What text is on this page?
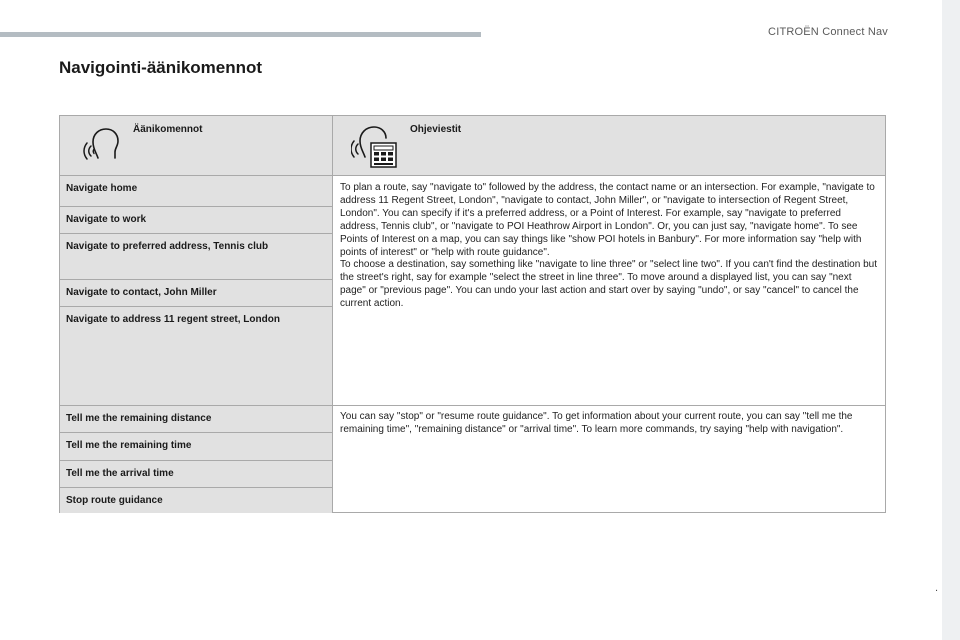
CITROËN Connect Nav
.
Navigointi-äänikomennot
Äänikomennot	Ohjeviestit
Navigate home
Navigate to work
Navigate to preferred address, Tennis club
Navigate to contact, John Miller
Navigate to address 11 regent street, London

To plan a route, say "navigate to" followed by the address, the contact name or an intersection. For example, "navigate to address 11 Regent Street, London", "navigate to contact, John Miller", or "navigate to intersection of Regent Street, London". You can specify if it's a preferred address, or a Point of Interest. For example, say "navigate to preferred address, Tennis club", or "navigate to POI Heathrow Airport in London". Or, you can just say, "navigate home". To see Points of Interest on a map, you can say things like "show POI hotels in Banbury". For more information say "help with points of interest" or "help with route guidance".

To choose a destination, say something like "navigate to line three" or "select line two". If you can't find the destination but the street's right, say for example "select the street in line three". To move around a displayed list, you can say "next page" or "previous page". You can undo your last action and start over by saying "undo", or say "cancel" to cancel the current action.

Tell me the remaining distance
Tell me the remaining time
Tell me the arrival time
Stop route guidance

You can say "stop" or "resume route guidance". To get information about your current route, you can say "tell me the remaining time", "remaining distance" or "arrival time". To learn more commands, try saying "help with navigation".
